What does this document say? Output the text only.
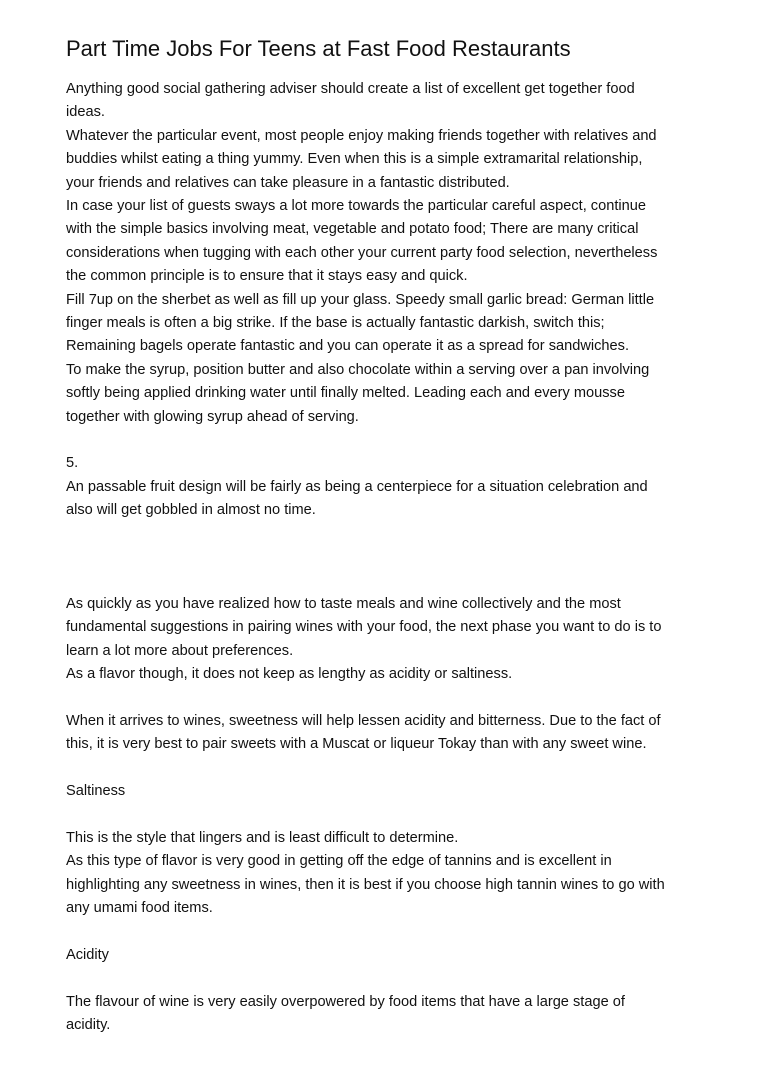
Part Time Jobs For Teens at Fast Food Restaurants
Anything good social gathering adviser should create a list of excellent get together food
ideas.
Whatever the particular event, most people enjoy making friends together with relatives and
buddies whilst eating a thing yummy. Even when this is a simple extramarital relationship,
your friends and relatives can take pleasure in a fantastic distributed.
In case your list of guests sways a lot more towards the particular careful aspect, continue
with the simple basics involving meat, vegetable and potato food; There are many critical
considerations when tugging with each other your current party food selection, nevertheless
the common principle is to ensure that it stays easy and quick.
Fill 7up on the sherbet as well as fill up your glass. Speedy small garlic bread: German little
finger meals is often a big strike. If the base is actually fantastic darkish, switch this;
Remaining bagels operate fantastic and you can operate it as a spread for sandwiches.
To make the syrup, position butter and also chocolate within a serving over a pan involving
softly being applied drinking water until finally melted. Leading each and every mousse
together with glowing syrup ahead of serving.
5.
An passable fruit design will be fairly as being a centerpiece for a situation celebration and
also will get gobbled in almost no time.
As quickly as you have realized how to taste meals and wine collectively and the most
fundamental suggestions in pairing wines with your food, the next phase you want to do is to
learn a lot more about preferences.
As a flavor though, it does not keep as lengthy as acidity or saltiness.
When it arrives to wines, sweetness will help lessen acidity and bitterness. Due to the fact of
this, it is very best to pair sweets with a Muscat or liqueur Tokay than with any sweet wine.
Saltiness
This is the style that lingers and is least difficult to determine.
As this type of flavor is very good in getting off the edge of tannins and is excellent in
highlighting any sweetness in wines, then it is best if you choose high tannin wines to go with
any umami food items.
Acidity
The flavour of wine is very easily overpowered by food items that have a large stage of
acidity.
